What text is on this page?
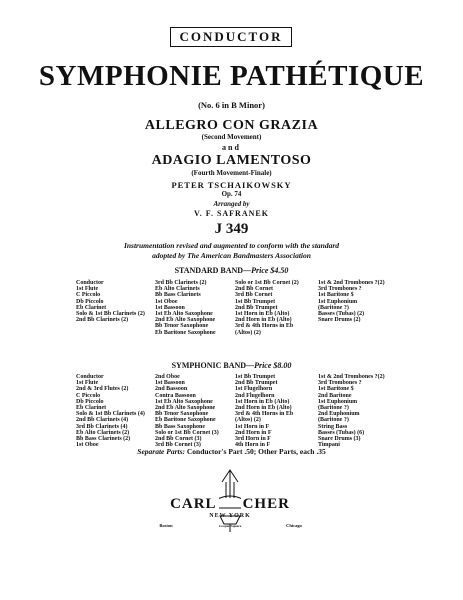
CONDUCTOR
SYMPHONIE PATHÉTIQUE
(No. 6 in B Minor)
ALLEGRO CON GRAZIA
(Second Movement)
and
ADAGIO LAMENTOSO
(Fourth Movement-Finale)
PETER TSCHAIKOWSKY
Op. 74
Arranged by
V. F. SAFRANEK
J 349
Instrumentation revised and augmented to conform with the standard
adopted by The American Bandmasters Association
STANDARD BAND—Price $4.50
Conductor
1st Flute
C Piccolo
Db Piccolo
Eb Clarinet
Solo & 1st Bb Clarinets (2)
2nd Bb Clarinets (2)
3rd Bb Clarinets (2)
Eb Alto Clarinets
Bb Bass Clarinets
1st Oboe
1st Bassoon
1st Eb Alto Saxophone
2nd Eb Alto Saxophone
Bb Tenor Saxophone
Eb Baritone Saxophone
Solo or 1st Bb Cornet (2)
2nd Bb Cornet
3rd Bb Cornet
1st Bb Trumpet
2nd Bb Trumpet
1st Horn in Eb (Alto)
2nd Horn in Eb (Alto)
3rd & 4th Horns in Eb
(Altos) (2)
1st & 2nd Trombones ?(2)
3rd Trombones ?
1st Baritone $
1st Euphonium
(Baritone ?)
Basses (Tubas) (2)
Snare Drums (2)
SYMPHONIC BAND—Price $8.00
Conductor
1st Flute
2nd & 3rd Flutes (2)
C Piccolo
Db Piccolo
Eb Clarinet
Solo & 1st Bb Clarinets (4)
2nd Bb Clarinets (4)
3rd Bb Clarinets (4)
Eb Alto Clarinets (2)
Bb Bass Clarinets (2)
1st Oboe
2nd Oboe
1st Bassoon
2nd Bassoon
Contra Bassoon
1st Eb Alto Saxophone
2nd Eb Alto Saxophone
Bb Tenor Saxophone
Eb Baritone Saxophone
Bb Bass Saxophone
Solo or 1st Bb Cornet (3)
2nd Bb Cornet (3)
3rd Bb Cornet (3)
1st Bb Trumpet
2nd Bb Trumpet
1st Flugelhorn
2nd Flugelhorn
1st Horn in Eb (Alto)
2nd Horn in Eb (Alto)
3rd & 4th Horns in Eb
(Altos) (2)
1st Horn in F
2nd Horn in F
3rd Horn in F
4th Horn in F
1st & 2nd Trombones ?(2)
3rd Trombones ?
1st Baritone $
2nd Baritone
1st Euphonium
(Baritone ?)
2nd Euphonium
(Baritone ?)
String Bass
Basses (Tubas) (6)
Snare Drums (3)
Timpani
Separate Parts: Conductor's Part .50; Other Parts, each .35
CARL CHER
NEW YORK
Cooper Square
Boston	Chicago
